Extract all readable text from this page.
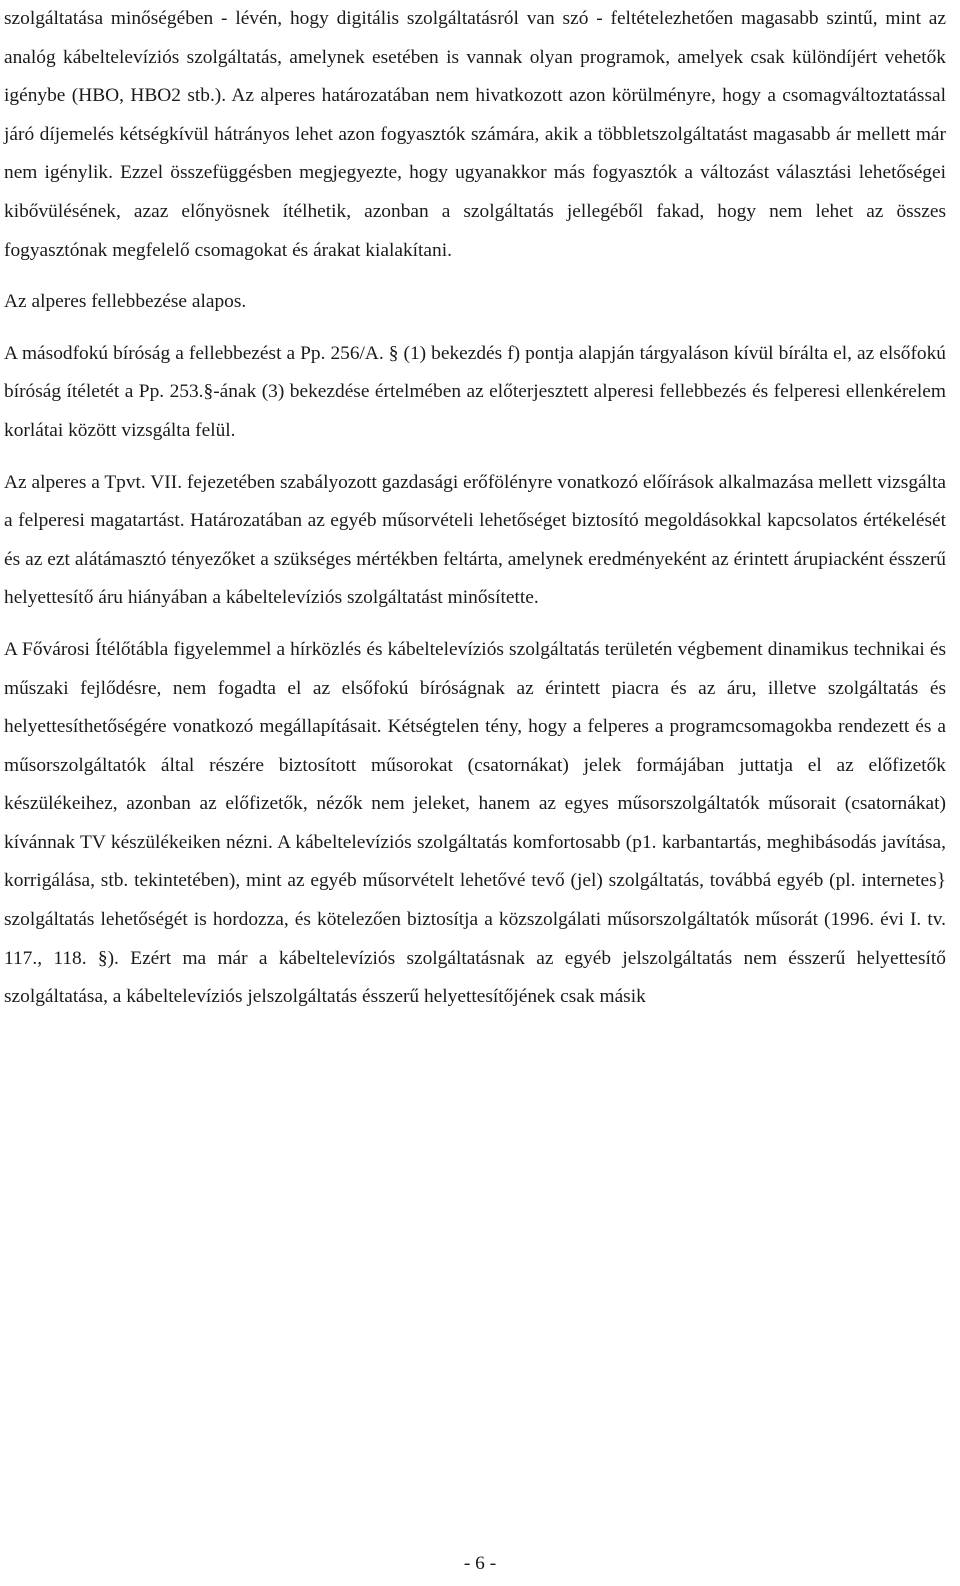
szolgáltatása minőségében - lévén, hogy digitális szolgáltatásról van szó - feltételezhetően magasabb szintű, mint az analóg kábeltelevíziós szolgáltatás, amelynek esetében is vannak olyan programok, amelyek csak különdíjért vehetők igénybe (HBO, HBO2 stb.). Az alperes határozatában nem hivatkozott azon körülményre, hogy a csomagváltoztatással járó díjemelés kétségkívül hátrányos lehet azon fogyasztók számára, akik a többletszolgáltatást magasabb ár mellett már nem igénylik. Ezzel összefüggésben megjegyezte, hogy ugyanakkor más fogyasztók a változást választási lehetőségei kibővülésének, azaz előnyösnek ítélhetik, azonban a szolgáltatás jellegéből fakad, hogy nem lehet az összes fogyasztónak megfelelő csomagokat és árakat kialakítani.

Az alperes fellebbezése alapos.

A másodfokú bíróság a fellebbezést a Pp. 256/A. § (1) bekezdés f) pontja alapján tárgyaláson kívül bírálta el, az elsőfokú bíróság ítéletét a Pp. 253.§-ának (3) bekezdése értelmében az előterjesztett alperesi fellebbezés és felperesi ellenkérelem korlátai között vizsgálta felül.

Az alperes a Tpvt. VII. fejezetében szabályozott gazdasági erőfölényre vonatkozó előírások alkalmazása mellett vizsgálta a felperesi magatartást. Határozatában az egyéb műsorvételi lehetőséget biztosító megoldásokkal kapcsolatos értékelését és az ezt alátámasztó tényezőket a szükséges mértékben feltárta, amelynek eredményeként az érintett árupiacként ésszerű helyettesítő áru hiányában a kábeltelevíziós szolgáltatást minősítette.

A Fővárosi Ítélőtábla figyelemmel a hírközlés és kábeltelevíziós szolgáltatás területén végbement dinamikus technikai és műszaki fejlődésre, nem fogadta el az elsőfokú bíróságnak az érintett piacra és az áru, illetve szolgáltatás és helyettesíthetőségére vonatkozó megállapításait. Kétségtelen tény, hogy a felperes a programcsomagokba rendezett és a műsorszolgáltatók által részére biztosított műsorokat (csatornákat) jelek formájában juttatja el az előfizetők készülékeihez, azonban az előfizetők, nézők nem jeleket, hanem az egyes műsorszolgáltatók műsorait (csatornákat) kívánnak TV készülékeiken nézni. A kábeltelevíziós szolgáltatás komfortosabb (p1. karbantartás, meghibásodás javítása, korrigálása, stb. tekintetében), mint az egyéb műsorvételt lehetővé tevő (jel) szolgáltatás, továbbá egyéb (pl. internetes} szolgáltatás lehetőségét is hordozza, és kötelezően biztosítja a közszolgálati műsorszolgáltatók műsorát (1996. évi I. tv. 117., 118. §). Ezért ma már a kábeltelevíziós szolgáltatásnak az egyéb jelszolgáltatás nem ésszerű helyettesítő szolgáltatása, a kábeltelevíziós jelszolgáltatás ésszerű helyettesítőjének csak másik

- 6 -
